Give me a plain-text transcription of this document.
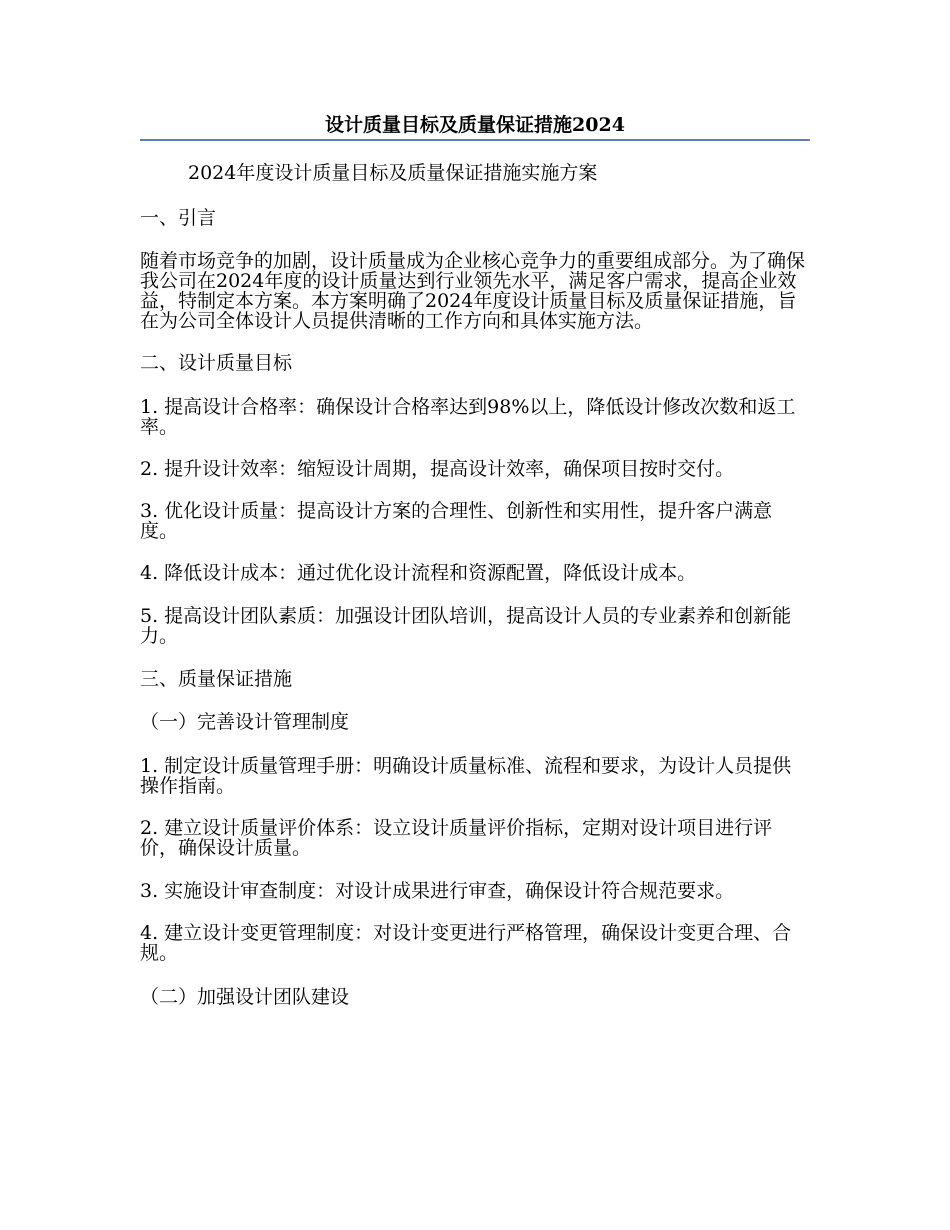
设计质量目标及质量保证措施2024

2024年度设计质量目标及质量保证措施实施方案

一、引言

随着市场竞争的加剧，设计质量成为企业核心竞争力的重要组成部分。为了确保我公司在2024年度的设计质量达到行业领先水平，满足客户需求，提高企业效益，特制定本方案。本方案明确了2024年度设计质量目标及质量保证措施，旨在为公司全体设计人员提供清晰的工作方向和具体实施方法。

二、设计质量目标

1. 提高设计合格率：确保设计合格率达到98%以上，降低设计修改次数和返工率。

2. 提升设计效率：缩短设计周期，提高设计效率，确保项目按时交付。

3. 优化设计质量：提高设计方案的合理性、创新性和实用性，提升客户满意度。

4. 降低设计成本：通过优化设计流程和资源配置，降低设计成本。

5. 提高设计团队素质：加强设计团队培训，提高设计人员的专业素养和创新能力。

三、质量保证措施

（一）完善设计管理制度

1. 制定设计质量管理手册：明确设计质量标准、流程和要求，为设计人员提供操作指南。

2. 建立设计质量评价体系：设立设计质量评价指标，定期对设计项目进行评价，确保设计质量。

3. 实施设计审查制度：对设计成果进行审查，确保设计符合规范要求。

4. 建立设计变更管理制度：对设计变更进行严格管理，确保设计变更合理、合规。

（二）加强设计团队建设
